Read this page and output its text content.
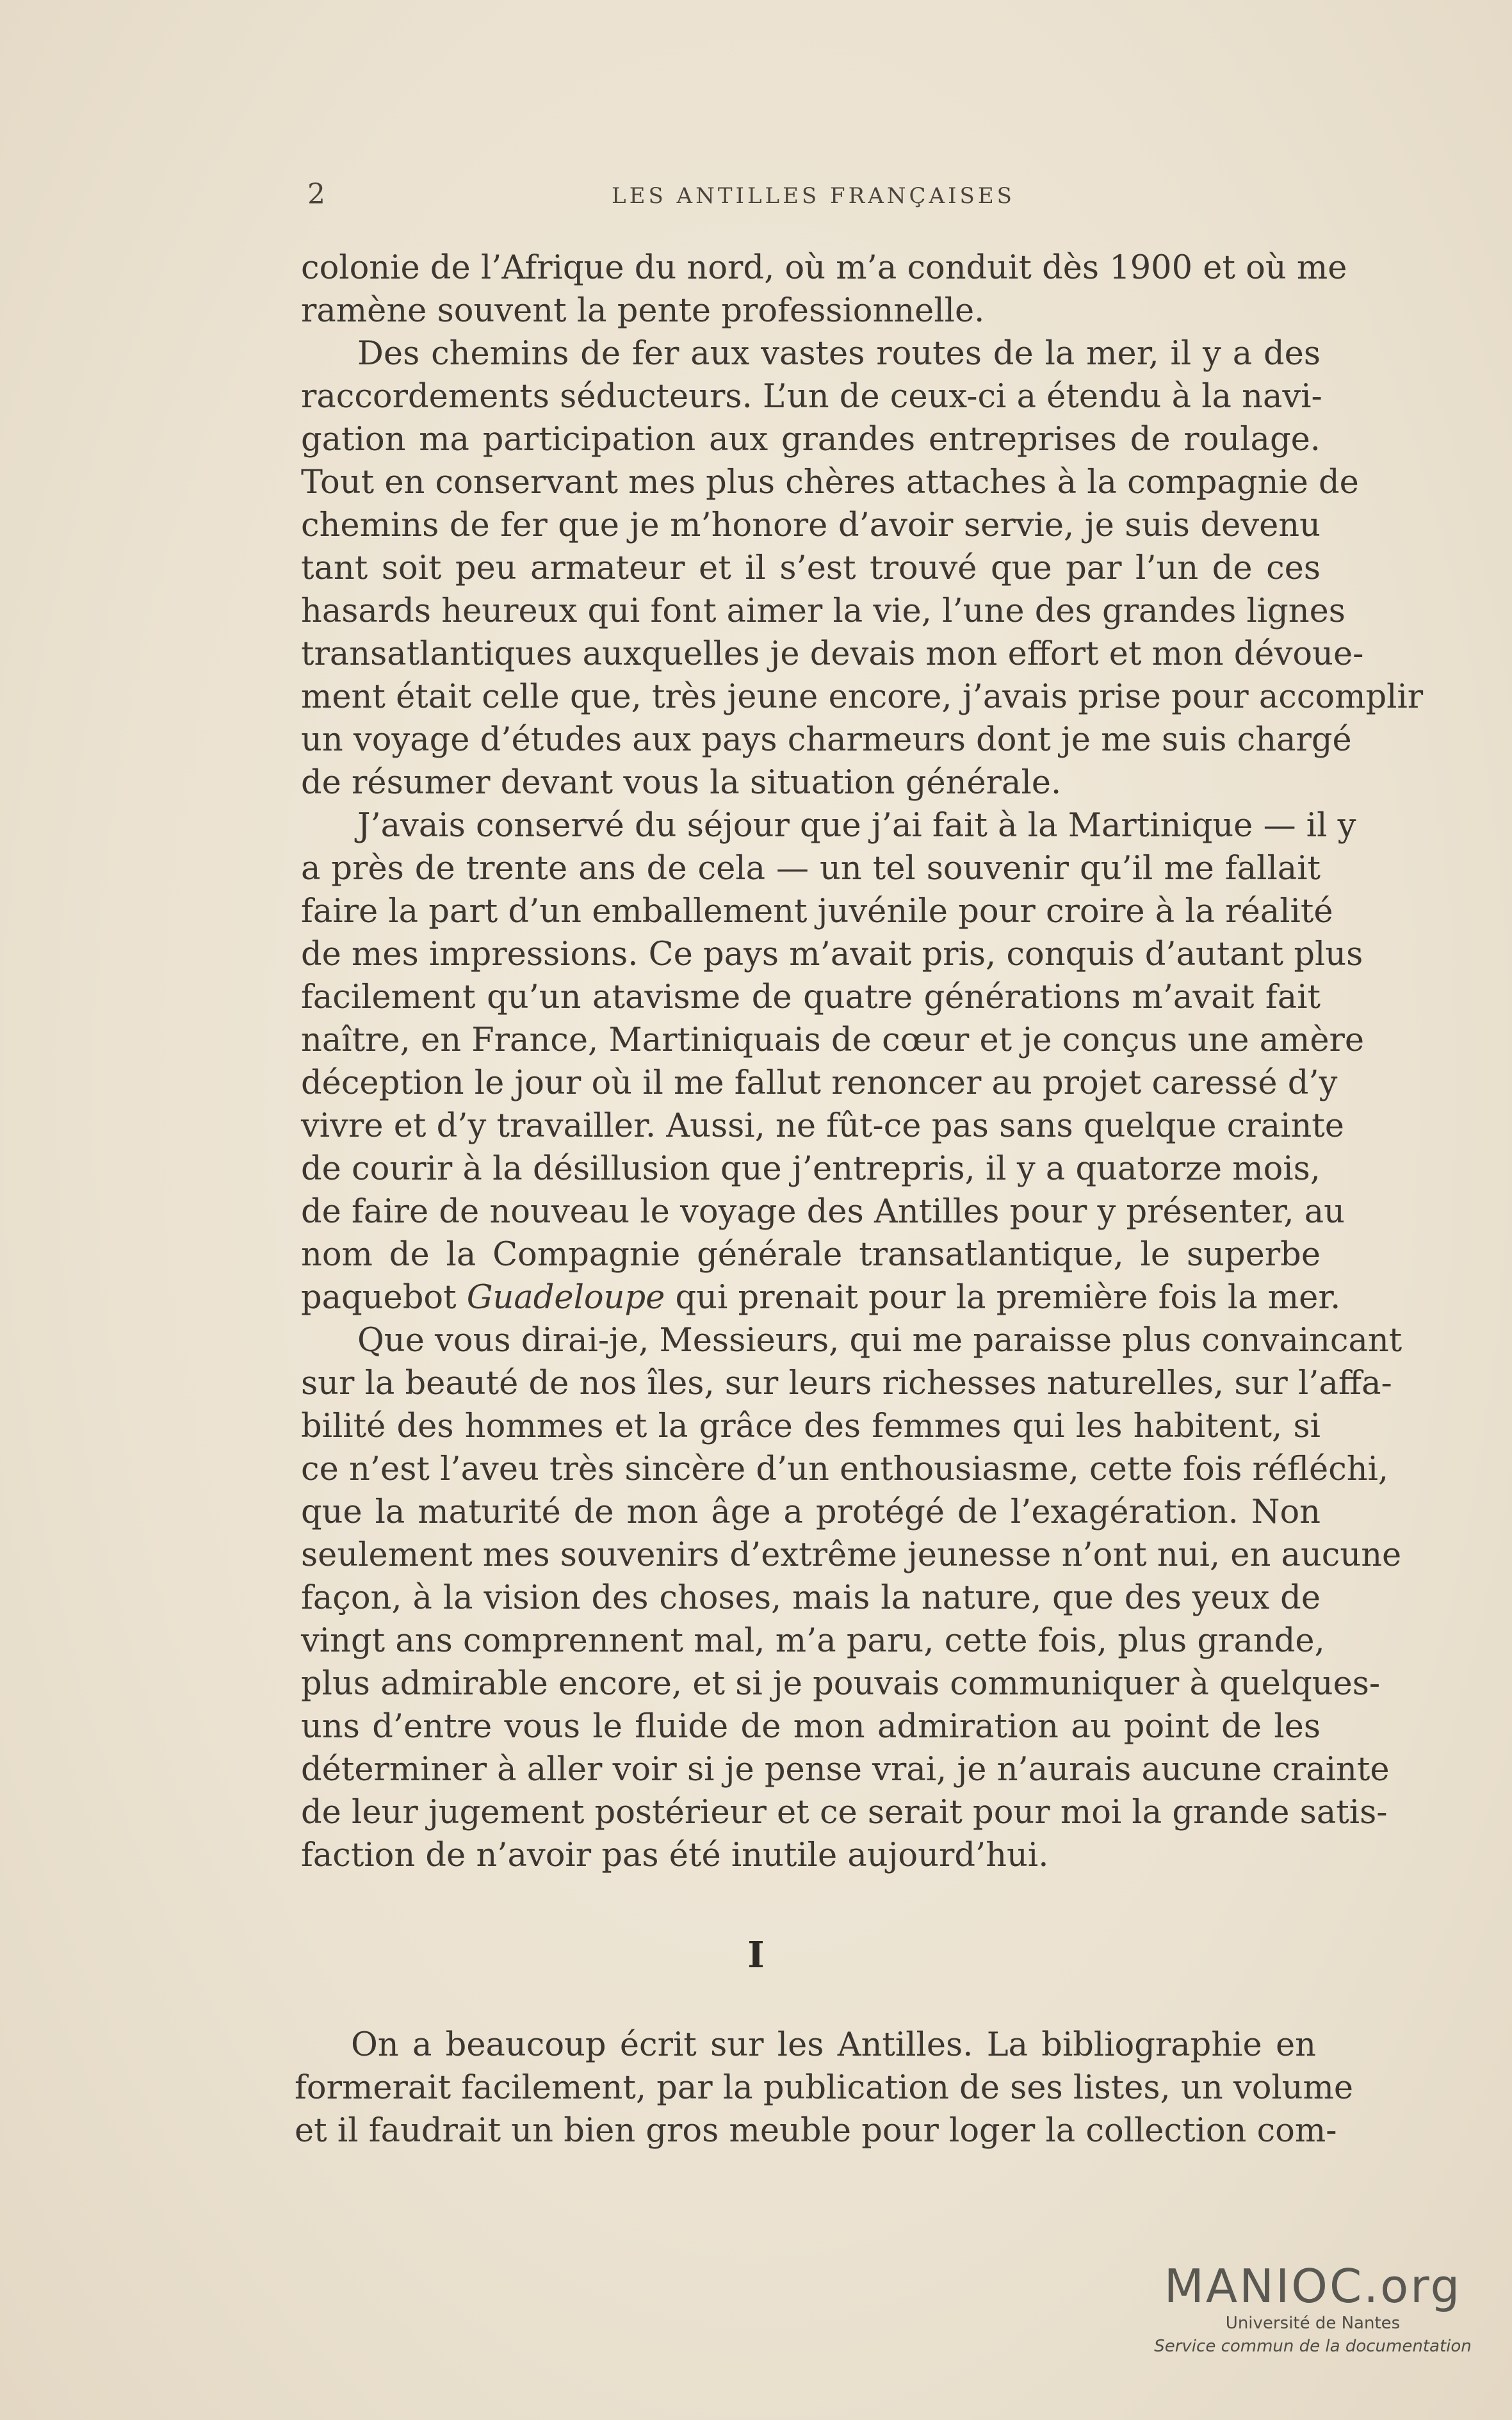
2	LES ANTILLES FRANÇAISES
colonie de l’Afrique du nord, où m’a conduit dès 1900 et où me
ramène souvent la pente professionnelle.
Des chemins de fer aux vastes routes de la mer, il y a des
raccordements séducteurs. L’un de ceux-ci a étendu à la navi-
gation ma participation aux grandes entreprises de roulage.
Tout en conservant mes plus chères attaches à la compagnie de
chemins de fer que je m’honore d’avoir servie, je suis devenu
tant soit peu armateur et il s’est trouvé que par l’un de ces
hasards heureux qui font aimer la vie, l’une des grandes lignes
transatlantiques auxquelles je devais mon effort et mon dévoue-
ment était celle que, très jeune encore, j’avais prise pour accomplir
un voyage d’études aux pays charmeurs dont je me suis chargé
de résumer devant vous la situation générale.
J’avais conservé du séjour que j’ai fait à la Martinique — il y
a près de trente ans de cela — un tel souvenir qu’il me fallait
faire la part d’un emballement juvénile pour croire à la réalité
de mes impressions. Ce pays m’avait pris, conquis d’autant plus
facilement qu’un atavisme de quatre générations m’avait fait
naître, en France, Martiniquais de cœur et je conçus une amère
déception le jour où il me fallut renoncer au projet caressé d’y
vivre et d’y travailler. Aussi, ne fût-ce pas sans quelque crainte
de courir à la désillusion que j’entrepris, il y a quatorze mois,
de faire de nouveau le voyage des Antilles pour y présenter, au
nom de la Compagnie générale transatlantique, le superbe
paquebot Guadeloupe qui prenait pour la première fois la mer.
Que vous dirai-je, Messieurs, qui me paraisse plus convaincant
sur la beauté de nos îles, sur leurs richesses naturelles, sur l’affa-
bilité des hommes et la grâce des femmes qui les habitent, si
ce n’est l’aveu très sincère d’un enthousiasme, cette fois réfléchi,
que la maturité de mon âge a protégé de l’exagération. Non
seulement mes souvenirs d’extrême jeunesse n’ont nui, en aucune
façon, à la vision des choses, mais la nature, que des yeux de
vingt ans comprennent mal, m’a paru, cette fois, plus grande,
plus admirable encore, et si je pouvais communiquer à quelques-
uns d’entre vous le fluide de mon admiration au point de les
déterminer à aller voir si je pense vrai, je n’aurais aucune crainte
de leur jugement postérieur et ce serait pour moi la grande satis-
faction de n’avoir pas été inutile aujourd’hui.
I
On a beaucoup écrit sur les Antilles. La bibliographie en
formerait facilement, par la publication de ses listes, un volume
et il faudrait un bien gros meuble pour loger la collection com-
MANIOC.org
Université de Nantes
Service commun de la documentation
